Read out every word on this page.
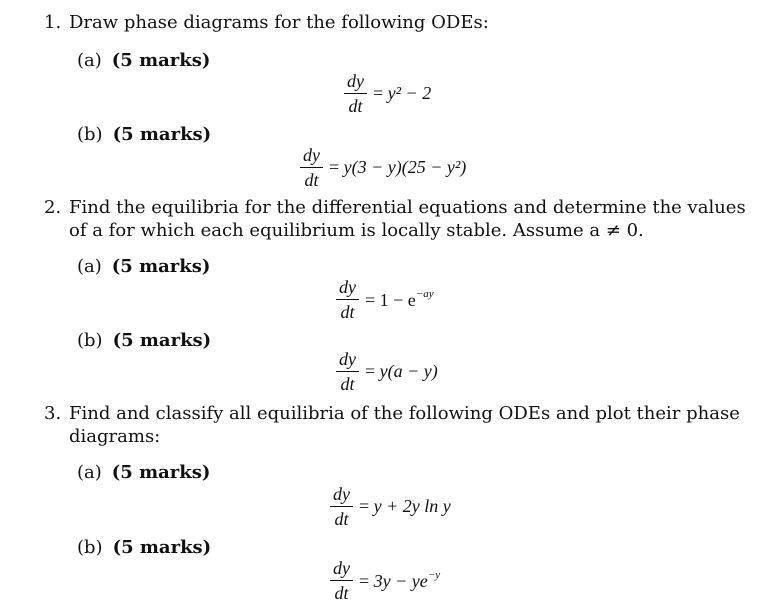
1. Draw phase diagrams for the following ODEs:
(a) (5 marks)
$\frac{dy}{dt} = y^2 - 2$
(b) (5 marks)
$\frac{dy}{dt} = y(3 - y)(25 - y^2)$
2. Find the equilibria for the differential equations and determine the values
of a for which each equilibrium is locally stable. Assume a ≠ 0.
(a) (5 marks)
$\frac{dy}{dt} = 1 - e^{-ay}$
(b) (5 marks)
$\frac{dy}{dt} = y(a - y)$
3. Find and classify all equilibria of the following ODEs and plot their phase
diagrams:
(a) (5 marks)
$\frac{dy}{dt} = y + 2y$ ln y
(b) (5 marks)
$\frac{dy}{dt} = 3y - ye^{-y}$
